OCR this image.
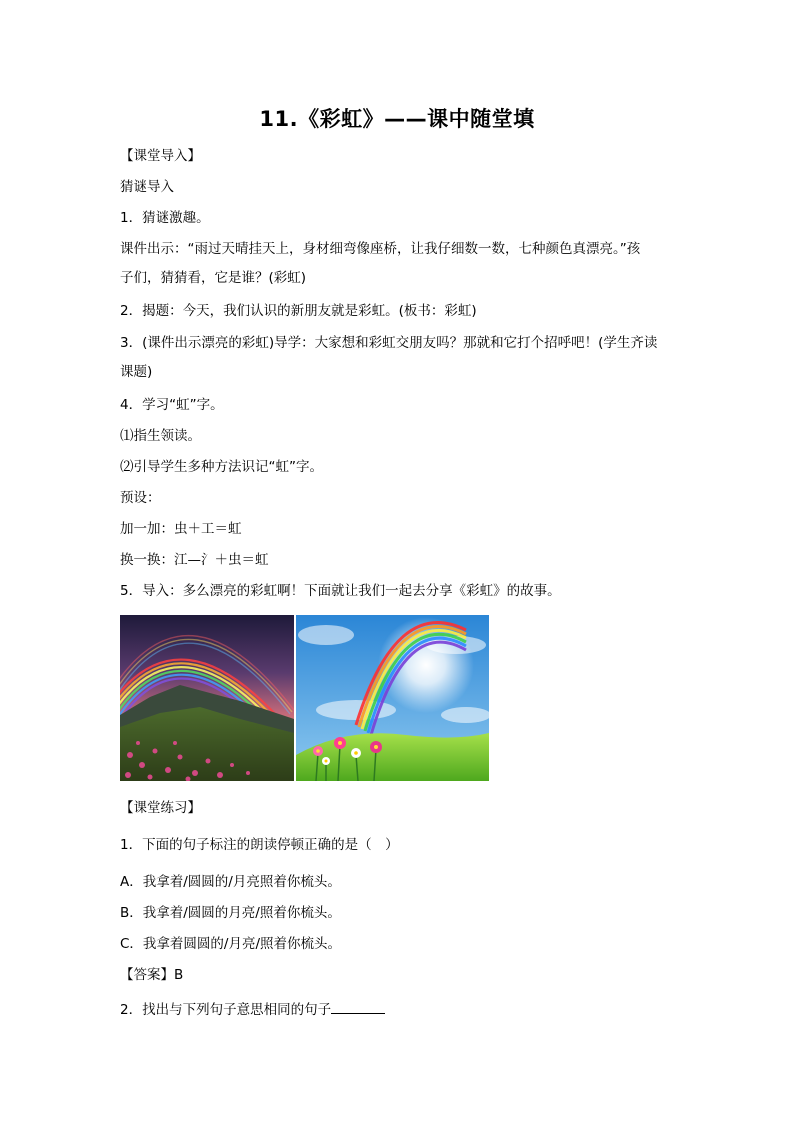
11.《彩虹》——课中随堂填
【课堂导入】
猜谜导入
1．猜谜激趣。
课件出示：“雨过天晴挂天上，身材细弯像座桥，让我仔细数一数，七种颜色真漂亮。”孩
子们，猜猜看，它是谁？(彩虹)
2．揭题：今天，我们认识的新朋友就是彩虹。(板书：彩虹)
3．(课件出示漂亮的彩虹)导学：大家想和彩虹交朋友吗？那就和它打个招呼吧！(学生齐读
课题)
4．学习“虹”字。
⑴指生领读。
⑵引导学生多种方法识记“虹”字。
预设：
加一加：虫＋工＝虹
换一换：江—氵＋虫＝虹
5．导入：多么漂亮的彩虹啊！下面就让我们一起去分享《彩虹》的故事。
【课堂练习】
1．下面的句子标注的朗读停顿正确的是（　）
A．我拿着/圆圆的/月亮照着你梳头。
B．我拿着/圆圆的月亮/照着你梳头。
C．我拿着圆圆的/月亮/照着你梳头。
【答案】B
2．找出与下列句子意思相同的句子
